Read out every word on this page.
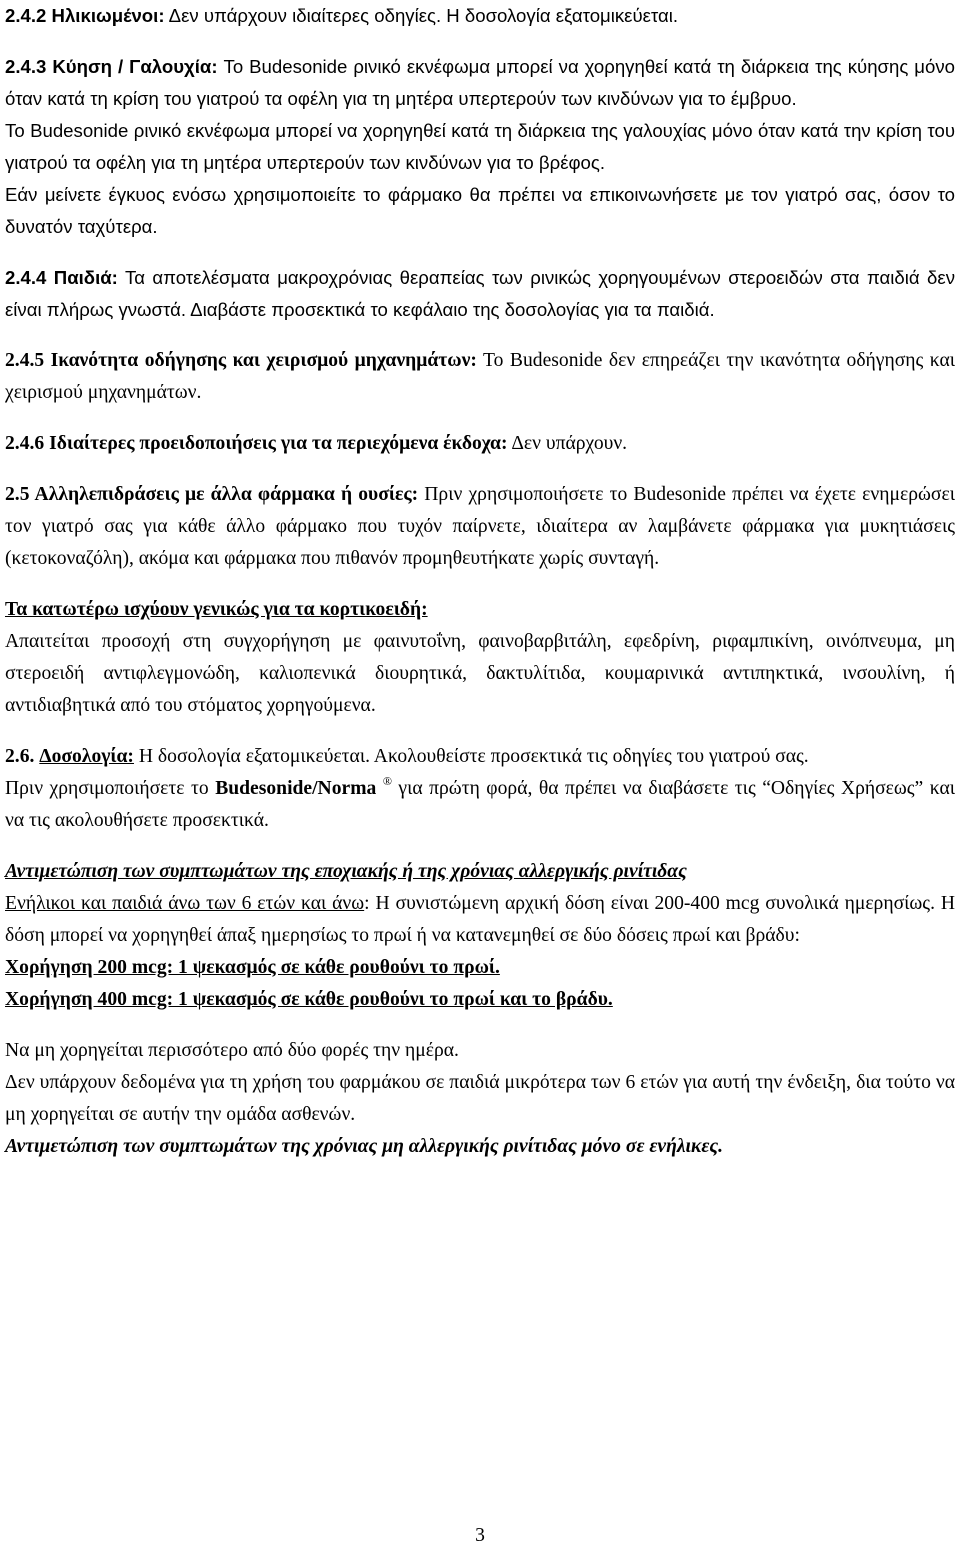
2.4.2 Ηλικιωμένοι: Δεν υπάρχουν ιδιαίτερες οδηγίες. Η δοσολογία εξατομικεύεται.

2.4.3 Κύηση / Γαλουχία: To Budesonide ρινικό εκνέφωμα μπορεί να χορηγηθεί κατά τη διάρκεια της κύησης μόνο όταν κατά τη κρίση του γιατρού τα οφέλη για τη μητέρα υπερτερούν των κινδύνων για το έμβρυο.

Το Budesonide ρινικό εκνέφωμα μπορεί να χορηγηθεί κατά τη διάρκεια της γαλουχίας μόνο όταν κατά την κρίση του γιατρού τα οφέλη για τη μητέρα υπερτερούν των κινδύνων για το βρέφος.

Εάν μείνετε έγκυος ενόσω χρησιμοποιείτε το φάρμακο θα πρέπει να επικοινωνήσετε με τον γιατρό σας, όσον το δυνατόν ταχύτερα.

2.4.4 Παιδιά: Τα αποτελέσματα μακροχρόνιας θεραπείας των ρινικώς χορηγουμένων στεροειδών στα παιδιά δεν είναι πλήρως γνωστά. Διαβάστε προσεκτικά το κεφάλαιο της δοσολογίας για τα παιδιά.

2.4.5 Ικανότητα οδήγησης και χειρισμού μηχανημάτων: Το Budesonide δεν επηρεάζει την ικανότητα οδήγησης και χειρισμού μηχανημάτων.

2.4.6 Ιδιαίτερες προειδοποιήσεις για τα περιεχόμενα έκδοχα: Δεν υπάρχουν.

2.5 Αλληλεπιδράσεις με άλλα φάρμακα ή ουσίες: Πριν χρησιμοποιήσετε το Budesonide πρέπει να έχετε ενημερώσει τον γιατρό σας για κάθε άλλο φάρμακο που τυχόν παίρνετε, ιδιαίτερα αν λαμβάνετε φάρμακα για μυκητιάσεις (κετοκοναζόλη), ακόμα και φάρμακα που πιθανόν προμηθευτήκατε χωρίς συνταγή.

Τα κατωτέρω ισχύουν γενικώς για τα κορτικοειδή:

Απαιτείται προσοχή στη συγχορήγηση με φαινυτοΐνη, φαινοβαρβιτάλη, εφεδρίνη, ριφαμπικίνη, οινόπνευμα, μη στεροειδή αντιφλεγμονώδη, καλιοπενικά διουρητικά, δακτυλίτιδα, κουμαρινικά αντιπηκτικά, ινσουλίνη, ή αντιδιαβητικά από του στόματος χορηγούμενα.

2.6. Δοσολογία: Η δοσολογία εξατομικεύεται. Ακολουθείστε προσεκτικά τις οδηγίες του γιατρού σας.

Πριν χρησιμοποιήσετε το Budesonide/Norma ® για πρώτη φορά, θα πρέπει να διαβάσετε τις “Οδηγίες Χρήσεως” και να τις ακολουθήσετε προσεκτικά.

Αντιμετώπιση των συμπτωμάτων της εποχιακής ή της χρόνιας αλλεργικής ρινίτιδας

Ενήλικοι και παιδιά άνω των 6 ετών και άνω: Η συνιστώμενη αρχική δόση είναι 200-400 mcg συνολικά ημερησίως. Η δόση μπορεί να χορηγηθεί άπαξ ημερησίως το πρωί ή να κατανεμηθεί σε δύο δόσεις πρωί και βράδυ:

Χορήγηση 200 mcg: 1 ψεκασμός σε κάθε ρουθούνι το πρωί.

Χορήγηση 400 mcg: 1 ψεκασμός σε κάθε ρουθούνι το πρωί και το βράδυ.

Να μη χορηγείται περισσότερο από δύο φορές την ημέρα.

Δεν υπάρχουν δεδομένα για τη χρήση του φαρμάκου σε παιδιά μικρότερα των 6 ετών για αυτή την ένδειξη, δια τούτο να μη χορηγείται σε αυτήν την ομάδα ασθενών.

Αντιμετώπιση των συμπτωμάτων της χρόνιας μη αλλεργικής ρινίτιδας μόνο σε ενήλικες.

3
